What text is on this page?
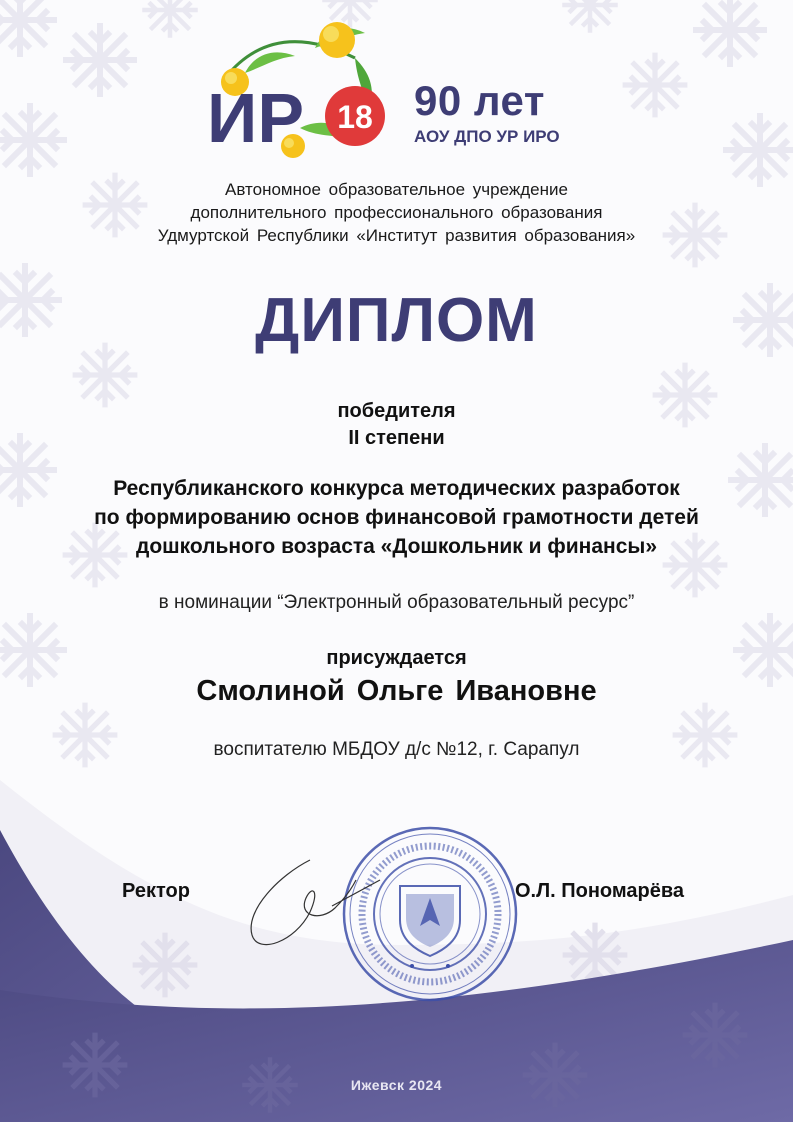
ИР 18 90 лет
АОУ ДПО УР ИРО
Автономное образовательное учреждение
дополнительного профессионального образования
Удмуртской Республики «Институт развития образования»
ДИПЛОМ
победителя
II степени
Республиканского конкурса методических разработок
по формированию основ финансовой грамотности детей
дошкольного возраста «Дошкольник и финансы»
в номинации “Электронный образовательный ресурс”
присуждается
Смолиной Ольге Ивановне
воспитателю МБДОУ д/с №12, г. Сарапул
Ректор	О.Л. Пономарёва
Ижевск 2024
